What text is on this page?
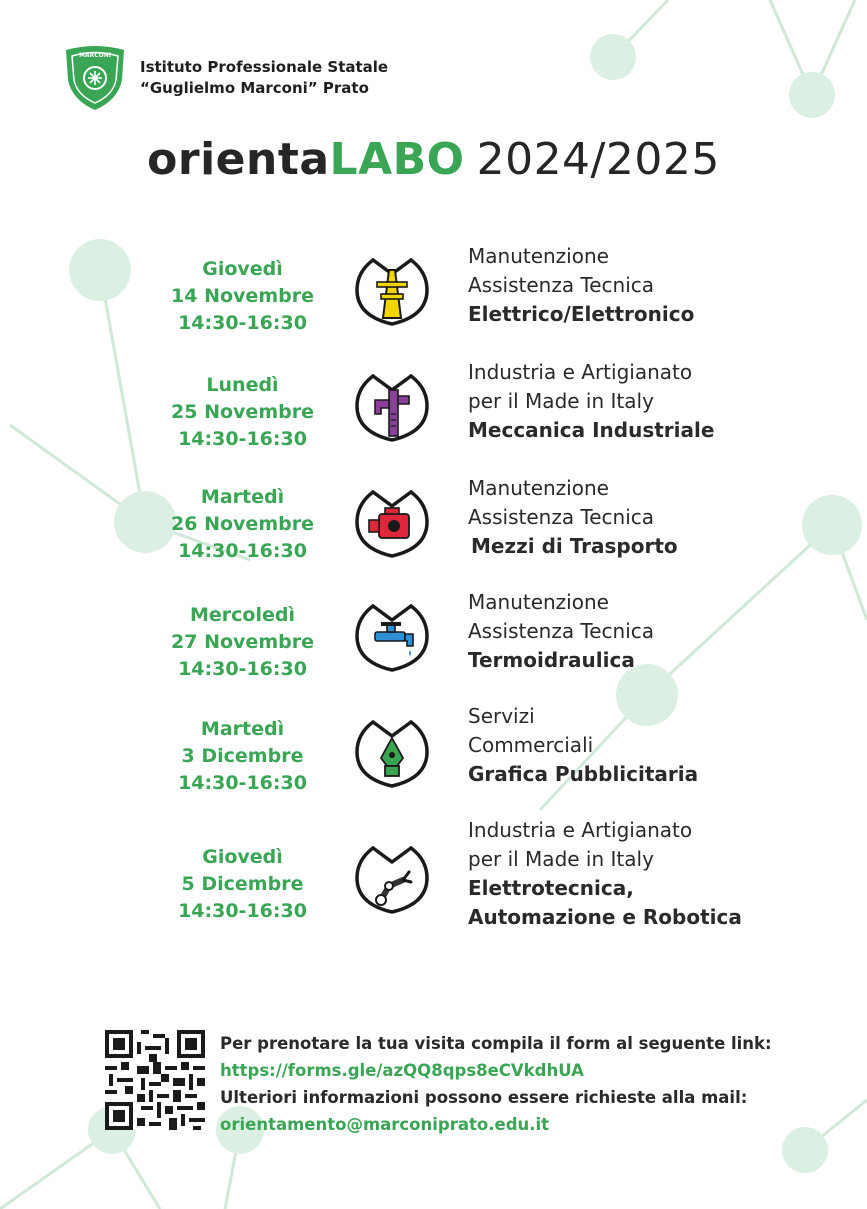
MARCONI
Istituto Professionale Statale
“Guglielmo Marconi” Prato
orientaLABO 2024/2025
Giovedì
14 Novembre
14:30-16:30
Manutenzione
Assistenza Tecnica
Elettrico/Elettronico
Lunedì
25 Novembre
14:30-16:30
Industria e Artigianato
per il Made in Italy
Meccanica Industriale
Martedì
26 Novembre
14:30-16:30
Manutenzione
Assistenza Tecnica
Mezzi di Trasporto
Mercoledì
27 Novembre
14:30-16:30
Manutenzione
Assistenza Tecnica
Termoidraulica
Martedì
3 Dicembre
14:30-16:30
Servizi
Commerciali
Grafica Pubblicitaria
Giovedì
5 Dicembre
14:30-16:30
Industria e Artigianato
per il Made in Italy
Elettrotecnica,
Automazione e Robotica
Per prenotare la tua visita compila il form al seguente link:
https://forms.gle/azQQ8qps8eCVkdhUA
Ulteriori informazioni possono essere richieste alla mail:
orientamento@marconiprato.edu.it
